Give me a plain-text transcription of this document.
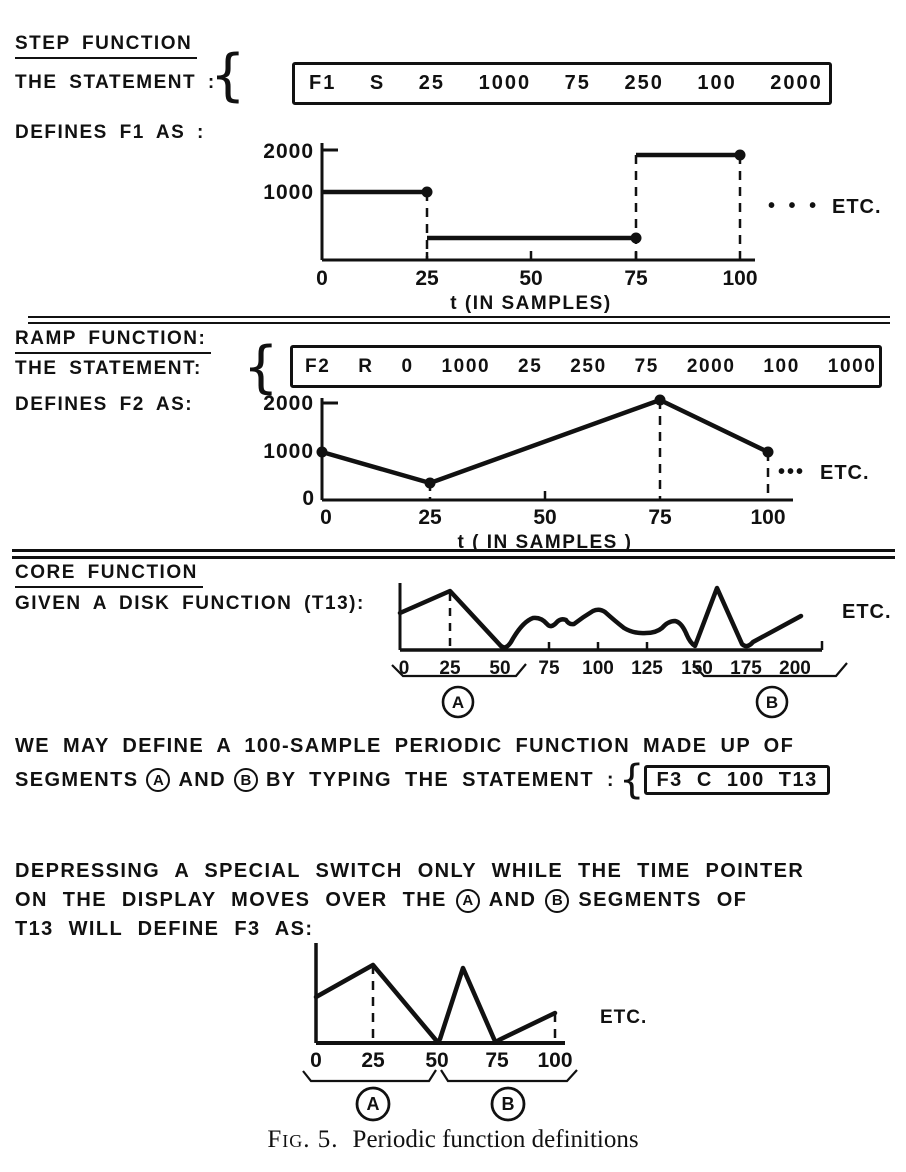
STEP FUNCTION
THE STATEMENT :
{	F1 S 25 1000 75 250 100 2000
DEFINES F1 AS :
2000
1000
0	25	50	75	100
t (IN SAMPLES)
• • • ETC.
RAMP FUNCTION:
THE STATEMENT: { F2 R 0 1000 25 250 75 2000 100 1000
DEFINES F2 AS:	2000
1000
0
0	25	50	75	100
t ( IN SAMPLES )
••• ETC.
CORE FUNCTION
GIVEN A DISK FUNCTION (T13):
0 25 50 75 100 125 150 175 200
A	B
ETC.
WE MAY DEFINE A 100-SAMPLE PERIODIC FUNCTION MADE UP OF
SEGMENTS A AND B BY TYPING THE STATEMENT : { F3 C 100 T13
DEPRESSING A SPECIAL SWITCH ONLY WHILE THE TIME POINTER
ON THE DISPLAY MOVES OVER THE	A AND	B SEGMENTS OF
T13 WILL DEFINE F3 AS:
0 25 50 75 100
A	B
ETC.
Fig. 5. Periodic function definitions
